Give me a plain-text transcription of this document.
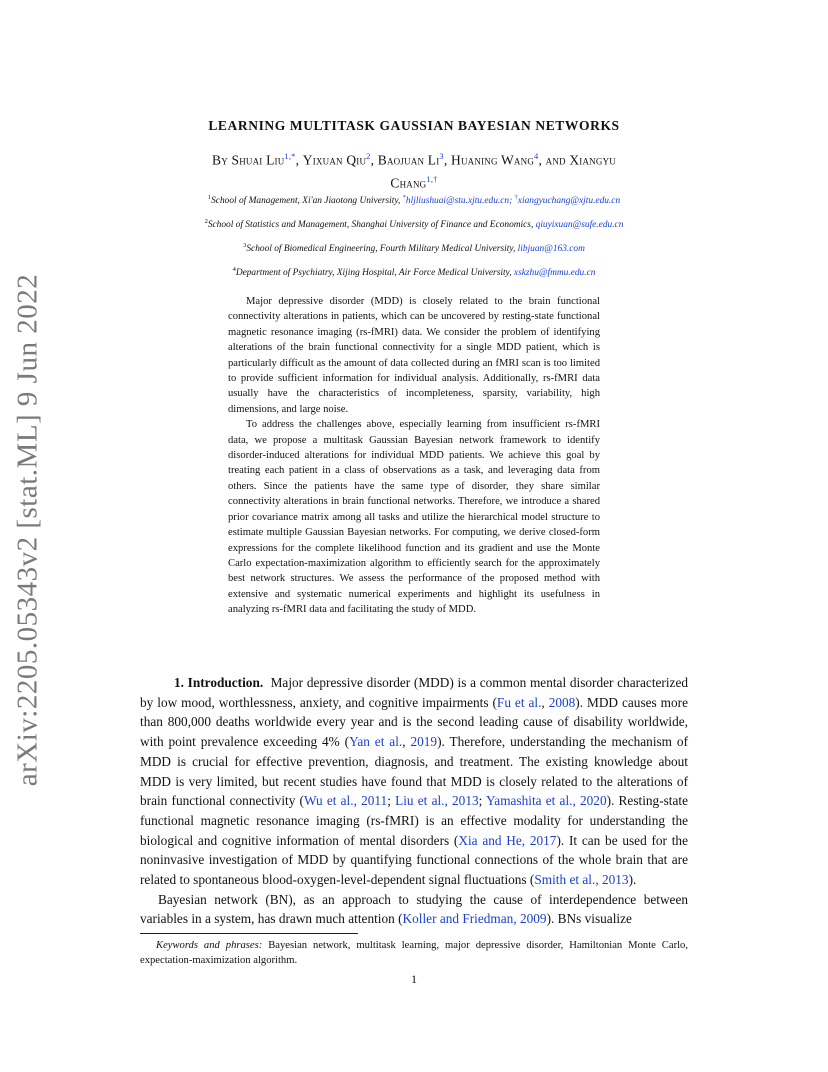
arXiv:2205.05343v2 [stat.ML] 9 Jun 2022
LEARNING MULTITASK GAUSSIAN BAYESIAN NETWORKS
By Shuai Liu$^{1,*}$, Yixuan Qiu$^2$, Baojuan Li$^3$, Huaning Wang$^4$, and Xiangyu
Chang$^{1,\dagger}$
$^1$School of Management, Xi'an Jiaotong University, *hljliushuai@stu.xjtu.edu.cn; †xiangyuchang@xjtu.edu.cn
$^2$School of Statistics and Management, Shanghai University of Finance and Economics, qiuyixuan@sufe.edu.cn
$^3$School of Biomedical Engineering, Fourth Military Medical University, libjuan@163.com
$^4$Department of Psychiatry, Xijing Hospital, Air Force Medical University, xskzhu@fmmu.edu.cn

Major depressive disorder (MDD) is closely related to the brain functional connectivity alterations in patients, which can be uncovered by resting-state functional magnetic resonance imaging (rs-fMRI) data. We consider the problem of identifying alterations of the brain functional connectivity for a single MDD patient, which is particularly difficult as the amount of data collected during an fMRI scan is too limited to provide sufficient information for individual analysis. Additionally, rs-fMRI data usually have the characteristics of incompleteness, sparsity, variability, high dimensions, and large noise.

To address the challenges above, especially learning from insufficient rs-fMRI data, we propose a multitask Gaussian Bayesian network framework to identify disorder-induced alterations for individual MDD patients. We achieve this goal by treating each patient in a class of observations as a task, and leveraging data from others. Since the patients have the same type of disorder, they share similar connectivity alterations in brain functional networks. Therefore, we introduce a shared prior covariance matrix among all tasks and utilize the hierarchical model structure to estimate multiple Gaussian Bayesian networks. For computing, we derive closed-form expressions for the complete likelihood function and its gradient and use the Monte Carlo expectation-maximization algorithm to efficiently search for the approximately best network structures. We assess the performance of the proposed method with extensive and systematic numerical experiments and highlight its usefulness in analyzing rs-fMRI data and facilitating the study of MDD.

1. Introduction. Major depressive disorder (MDD) is a common mental disorder characterized by low mood, worthlessness, anxiety, and cognitive impairments (Fu et al., 2008). MDD causes more than 800,000 deaths worldwide every year and is the second leading cause of disability worldwide, with point prevalence exceeding 4% (Yan et al., 2019). Therefore, understanding the mechanism of MDD is crucial for effective prevention, diagnosis, and treatment. The existing knowledge about MDD is very limited, but recent studies have found that MDD is closely related to the alterations of brain functional connectivity (Wu et al., 2011; Liu et al., 2013; Yamashita et al., 2020). Resting-state functional magnetic resonance imaging (rs-fMRI) is an effective modality for understanding the biological and cognitive information of mental disorders (Xia and He, 2017). It can be used for the noninvasive investigation of MDD by quantifying functional connections of the whole brain that are related to spontaneous blood-oxygen-level-dependent signal fluctuations (Smith et al., 2013).

Bayesian network (BN), as an approach to studying the cause of interdependence between variables in a system, has drawn much attention (Koller and Friedman, 2009). BNs visualize

Keywords and phrases: Bayesian network, multitask learning, major depressive disorder, Hamiltonian Monte Carlo, expectation-maximization algorithm.

1
